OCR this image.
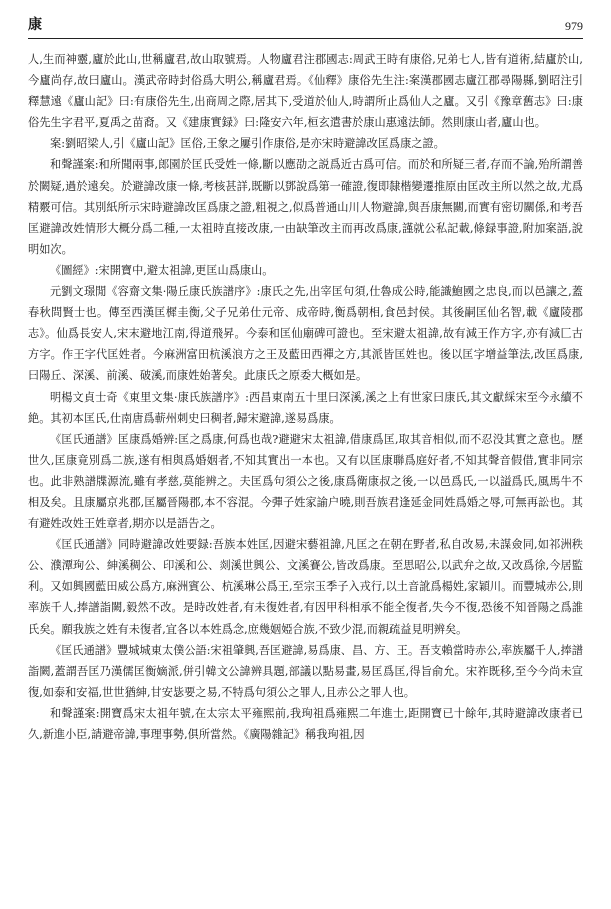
康	979

人,生而神靈,廬於此山,世稱廬君,故山取號焉。人物廬君注郡國志:周武王時有康俗,兄弟七人,皆有道術,結廬於山,今廬尚存,故曰廬山。漢武帝時封俗爲大明公,稱廬君焉。《仙釋》康俗先生注:案漢郡國志廬江郡尋陽縣,劉昭注引釋慧遠《廬山記》曰:有康俗先生,出商周之際,居其下,受道於仙人,時謂所止爲仙人之廬。又引《豫章舊志》曰:康俗先生字君平,夏禹之苗裔。又《建康實録》曰:隆安六年,桓玄遣書於康山惠遠法師。然則康山者,廬山也。

案:劉昭梁人,引《廬山記》匡俗,王象之屢引作康俗,是亦宋時避諱改匡爲康之證。

和聲謹案:和所聞兩事,郎園於匡氏受姓一條,斷以應劭之説爲近古爲可信。而於和所疑三者,存而不論,殆所謂善於闕疑,過於遠矣。於避諱改康一條,考核甚詳,既斷以鄧說爲第一確證,復即隸楷變遷推原由匡改主所以然之故,尤爲精覈可信。其別紙所示宋時避諱改匡爲康之證,粗視之,似爲普通山川人物避諱,與吾康無關,而實有密切關係,和考吾匡避諱改姓情形大概分爲二種,一太祖時直接改康,一由缺筆改主而再改爲康,謹就公私記載,條録事證,附加案語,說明如次。

《圖經》:宋開寶中,避太祖諱,更匡山爲康山。

元劉文璟閒《容齋文集·陽丘康氏族譜序》:康氏之先,出宰匡句須,仕魯成公時,能識鮑國之忠良,而以邑讓之,蓋春秋問賢士也。傳至西漢匡樨圭衡,父子兄弟仕元帝、成帝時,衡爲朝相,食邑封侯。其後嗣匡仙名智,載《廬陵郡志》。仙爲長安人,宋末避地江南,得道飛昇。今泰和匡仙廟碑可證也。至宋避太祖諱,故有減王作方字,亦有減匚古方字。作王字代匡姓者。今麻洲富田杭溪浪方之王及藍田西禪之方,其派皆匡姓也。後以匡字增益筆法,改匡爲康,曰陽丘、深溪、前溪、破溪,而康姓始著矣。此康氏之原委大概如是。

明楊文貞士奇《東里文集·康氏族譜序》:西昌東南五十里曰深溪,溪之上有世家曰康氏,其文獻綵宋至今永續不絶。其初本匡氏,仕南唐爲蕲州刺史曰稠者,歸宋避諱,遂易爲康。

《匡氏通譜》匡康爲婚辨:匡之爲康,何爲也哉?避避宋太祖諱,借康爲匡,取其音相似,而不忍没其實之意也。歷世久,匡康竟別爲二族,遂有相與爲婚姻者,不知其實出一本也。又有以匡康聯爲庭好者,不知其聲音假借,實非同宗也。此非熟譜牒源流,雖有孝慈,莫能辨之。夫匡爲句須公之後,康爲衛康叔之後,一以邑爲氏,一以謚爲氏,風馬牛不相及矣。且康屬京兆郡,匡屬晉陽郡,本不容混。今彈子姓家諭户曉,則吾族君逢延金同姓爲婚之辱,可無再訟也。其有避姓改姓王姓章者,期亦以是語告之。

《匡氏通譜》同時避諱改姓要録:吾族本姓匡,因避宋藝祖諱,凡匡之在朝在野者,私自改易,未謀僉同,如祁洲秩公、濮潭珣公、紳溪稠公、印溪和公、剡溪世興公、文溪賽公,皆改爲康。至思昭公,以武弁之故,又改爲徐,今居監利。又如興國藍田威公爲方,麻洲賓公、杭溪琳公爲王,至宗玉季子入戎行,以土音訛爲楊姓,家穎川。而豐城赤公,則率族千人,捧譜詣闕,毅然不改。是時改姓者,有未復姓者,有因甲科相承不能全復者,失今不復,恐後不知晉陽之爲誰氏矣。願我族之姓有未復者,宜各以本姓爲念,庶幾姻婭合族,不致少混,而親疏益見明辨矣。

《匡氏通譜》豐城城東太僕公語:宋祖肇興,吾匡避諱,易爲康、昌、方、王。吾支賴當時赤公,率族屬千人,捧譜詣闕,蓋謂吾匡乃漢儒匡衡嫡派,併引韓文公諱辨具題,部議以點易畫,易匡爲匡,得旨俞允。宋祚既移,至今今尚未宣復,如泰和安福,世世猶紳,甘安毖要之易,不特爲句須公之罪人,且赤公之罪人也。

和聲謹案:開寶爲宋太祖年號,在太宗太平雍熙前,我珣祖爲雍熙二年進士,距開寶已十餘年,其時避諱改康者已久,新進小臣,請避帝諱,事理事勢,俱所當然。《廣陽雜記》稱我珣祖,因
